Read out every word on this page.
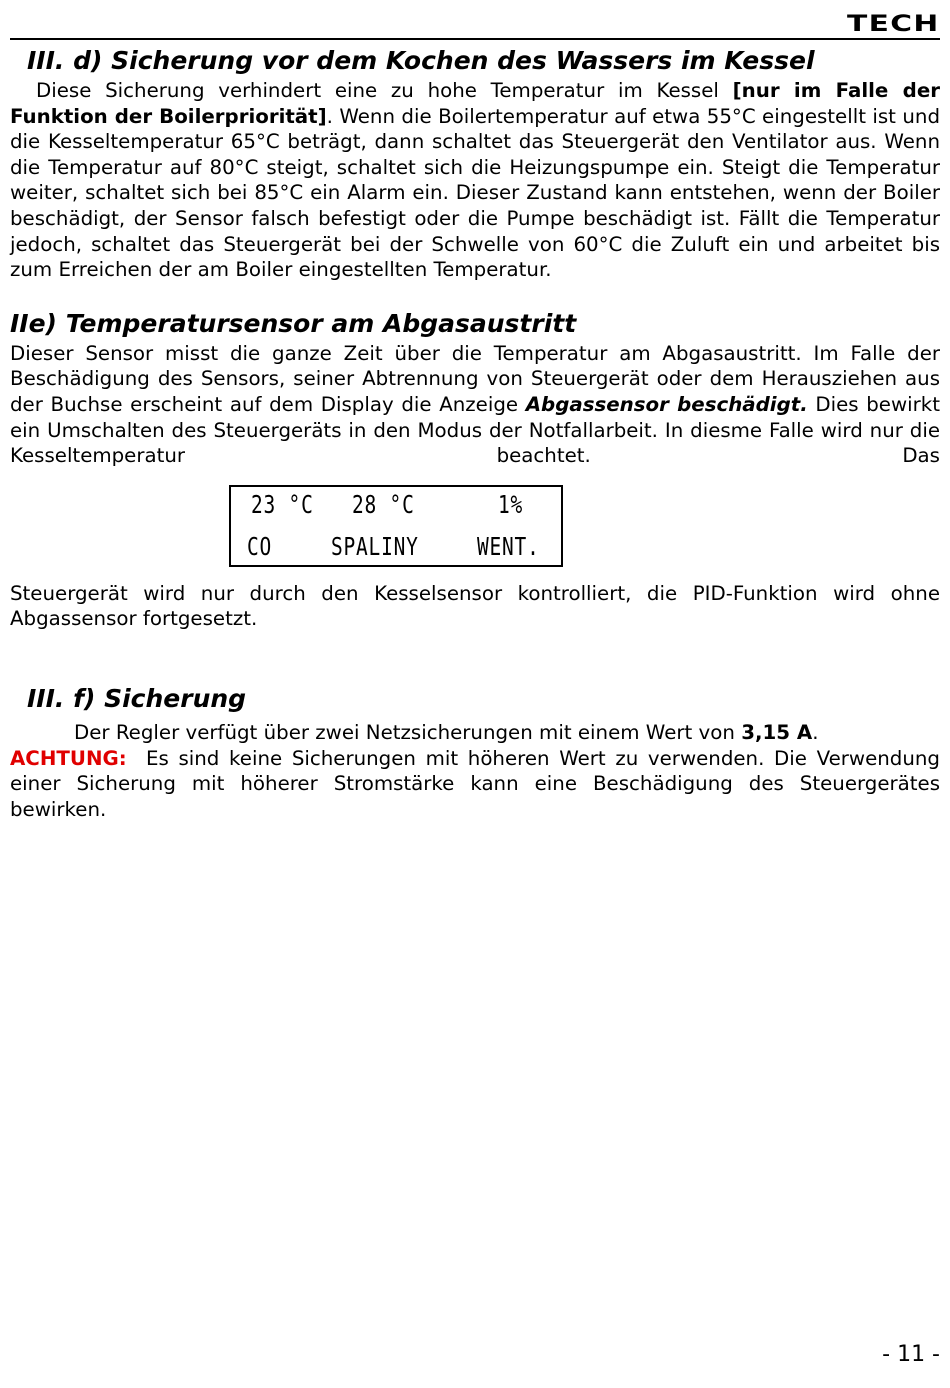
TECH
III. d) Sicherung vor dem Kochen des Wassers im Kessel

Diese Sicherung verhindert eine zu hohe Temperatur im Kessel [nur im Falle der Funktion der Boilerpriorität]. Wenn die Boilertemperatur auf etwa 55°C eingestellt ist und die Kesseltemperatur 65°C beträgt, dann schaltet das Steuergerät den Ventilator aus. Wenn die Temperatur auf 80°C steigt, schaltet sich die Heizungspumpe ein. Steigt die Temperatur weiter, schaltet sich bei 85°C ein Alarm ein. Dieser Zustand kann entstehen, wenn der Boiler beschädigt, der Sensor falsch befestigt oder die Pumpe beschädigt ist. Fällt die Temperatur jedoch, schaltet das Steuergerät bei der Schwelle von 60°C die Zuluft ein und arbeitet bis zum Erreichen der am Boiler eingestellten Temperatur.

IIe) Temperatursensor am Abgasaustritt

Dieser Sensor misst die ganze Zeit über die Temperatur am Abgasaustritt. Im Falle der Beschädigung des Sensors, seiner Abtrennung von Steuergerät oder dem Herausziehen aus der Buchse erscheint auf dem Display die Anzeige Abgassensor beschädigt. Dies bewirkt ein Umschalten des Steuergeräts in den Modus der Notfallarbeit. In diesme Falle wird nur die Kesseltemperatur beachtet. Das

23 °C 28 °C	1%
CO SPALINY WENT.

Steuergerät wird nur durch den Kesselsensor kontrolliert, die PID-Funktion wird ohne Abgassensor fortgesetzt.

III. f) Sicherung

Der Regler verfügt über zwei Netzsicherungen mit einem Wert von 3,15 A.

ACHTUNG:  Es sind keine Sicherungen mit höheren Wert zu verwenden. Die Verwendung einer Sicherung mit höherer Stromstärke kann eine Beschädigung des Steuergerätes bewirken.

- 11 -
